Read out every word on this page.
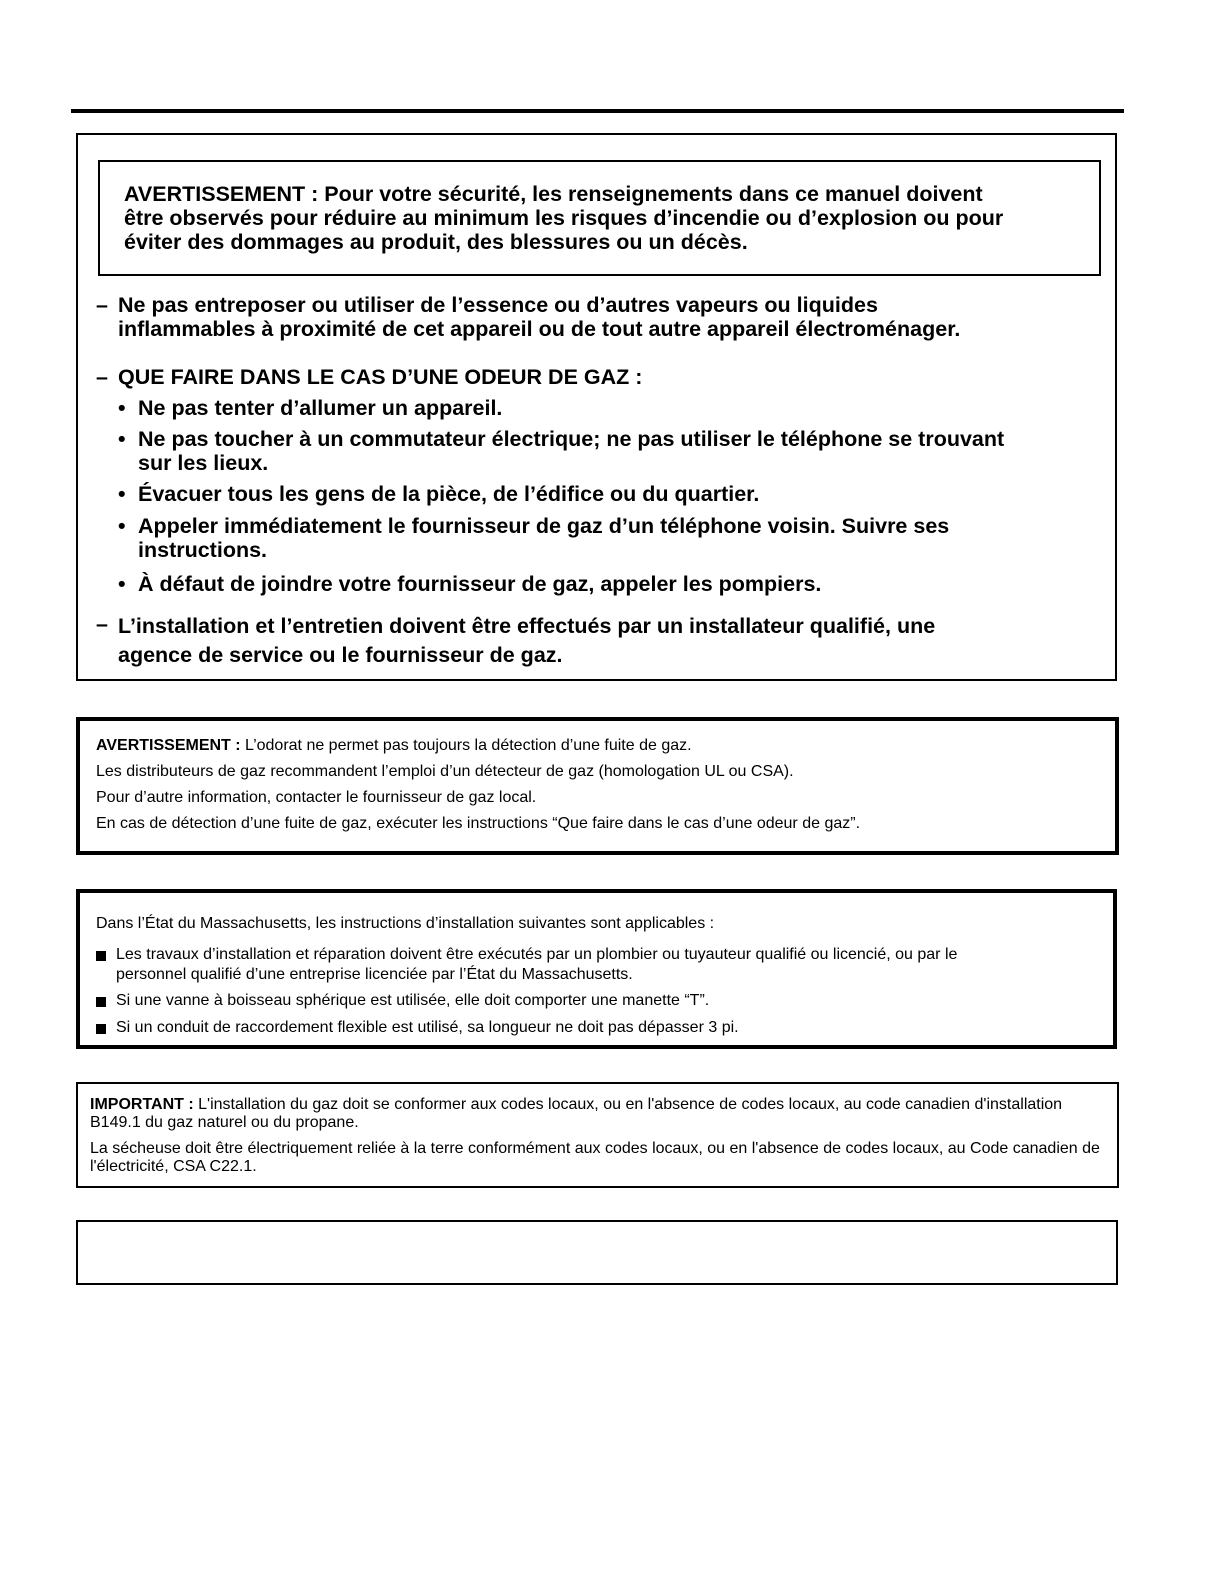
AVERTISSEMENT : Pour votre sécurité, les renseignements dans ce manuel doivent
être observés pour réduire au minimum les risques d’incendie ou d’explosion ou pour
éviter des dommages au produit, des blessures ou un décès.
– Ne pas entreposer ou utiliser de l’essence ou d’autres vapeurs ou liquides
inflammables à proximité de cet appareil ou de tout autre appareil électroménager.
– QUE FAIRE DANS LE CAS D’UNE ODEUR DE GAZ :
• Ne pas tenter d’allumer un appareil.
• Ne pas toucher à un commutateur électrique; ne pas utiliser le téléphone se trouvant
sur les lieux.
• Évacuer tous les gens de la pièce, de l’édifice ou du quartier.
• Appeler immédiatement le fournisseur de gaz d’un téléphone voisin. Suivre ses
instructions.
• À défaut de joindre votre fournisseur de gaz, appeler les pompiers.
– L’installation et l’entretien doivent être effectués par un installateur qualifié, une
agence de service ou le fournisseur de gaz.
AVERTISSEMENT : L’odorat ne permet pas toujours la détection d’une fuite de gaz.
Les distributeurs de gaz recommandent l’emploi d’un détecteur de gaz (homologation UL ou CSA).
Pour d’autre information, contacter le fournisseur de gaz local.
En cas de détection d’une fuite de gaz, exécuter les instructions “Que faire dans le cas d’une odeur de gaz”.
Dans l’État du Massachusetts, les instructions d’installation suivantes sont applicables :
Les travaux d’installation et réparation doivent être exécutés par un plombier ou tuyauteur qualifié ou licencié, ou par le
personnel qualifié d’une entreprise licenciée par l’État du Massachusetts.
Si une vanne à boisseau sphérique est utilisée, elle doit comporter une manette “T”.
Si un conduit de raccordement flexible est utilisé, sa longueur ne doit pas dépasser 3 pi.

IMPORTANT : L'installation du gaz doit se conformer aux codes locaux, ou en l'absence de codes locaux, au code canadien d'installation B149.1 du gaz naturel ou du propane.

La sécheuse doit être électriquement reliée à la terre conformément aux codes locaux, ou en l'absence de codes locaux, au Code canadien de l'électricité, CSA C22.1.
